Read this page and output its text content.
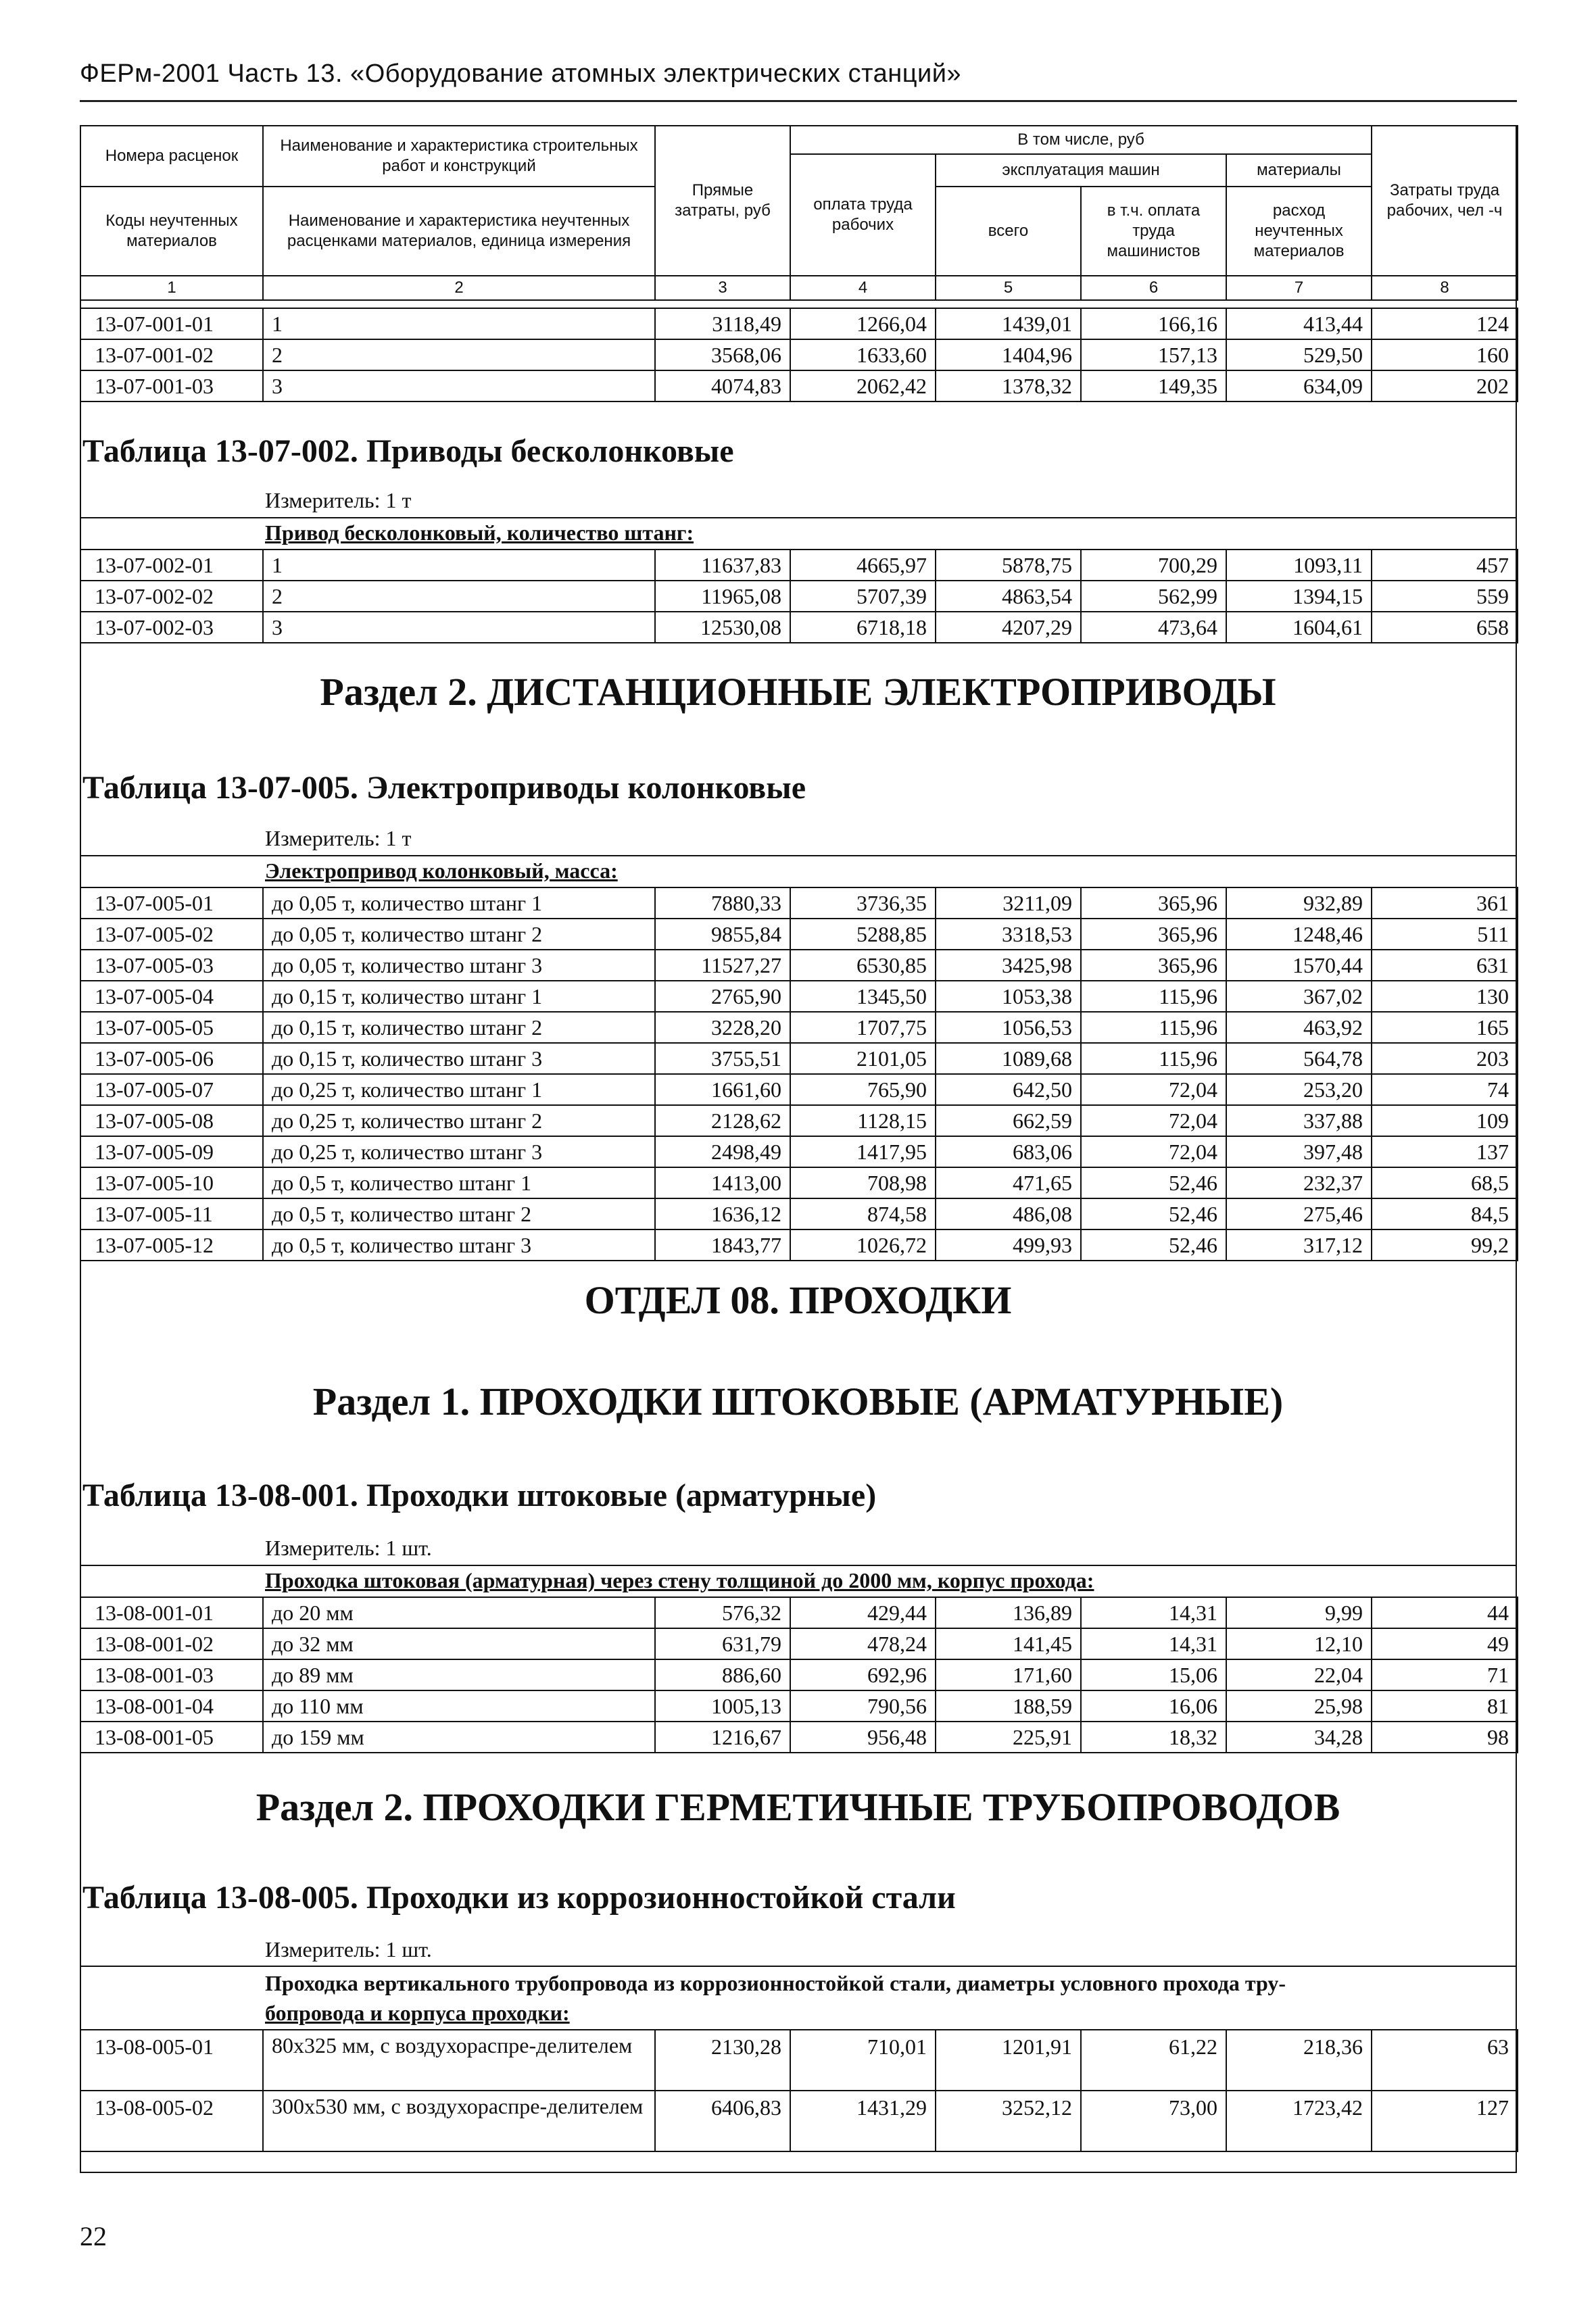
ФЕРм-2001 Часть 13. «Оборудование атомных электрических станций»
Номера расценок	Наименование и характеристика строительных работ и конструкций	Прямые затраты, руб	В том числе, руб				Затраты труда рабочих, чел -ч
			оплата труда рабочих	эксплуатация машин		материалы	
Коды неучтенных материалов	Наименование и характеристика неучтенных расценками материалов, единица измерения			всего	в т.ч. оплата труда машинистов	расход неучтенных материалов	

1	2	3	4	5	6	7	8
13-07-001-01	1	3118,49	1266,04	1439,01	166,16	413,44	124
13-07-001-02	2	3568,06	1633,60	1404,96	157,13	529,50	160
13-07-001-03	3	4074,83	2062,42	1378,32	149,35	634,09	202
Таблица 13-07-002. Приводы бесколонковые
Измеритель: 1 т
Привод бесколонковый, количество штанг:
13-07-002-01	1	11637,83	4665,97	5878,75	700,29	1093,11	457
13-07-002-02	2	11965,08	5707,39	4863,54	562,99	1394,15	559
13-07-002-03	3	12530,08	6718,18	4207,29	473,64	1604,61	658
Раздел 2. ДИСТАНЦИОННЫЕ ЭЛЕКТРОПРИВОДЫ
Таблица 13-07-005. Электроприводы колонковые
Измеритель: 1 т
Электропривод колонковый, масса:
13-07-005-01	до 0,05 т, количество штанг 1	7880,33	3736,35	3211,09	365,96	932,89	361
13-07-005-02	до 0,05 т, количество штанг 2	9855,84	5288,85	3318,53	365,96	1248,46	511
13-07-005-03	до 0,05 т, количество штанг 3	11527,27	6530,85	3425,98	365,96	1570,44	631
13-07-005-04	до 0,15 т, количество штанг 1	2765,90	1345,50	1053,38	115,96	367,02	130
13-07-005-05	до 0,15 т, количество штанг 2	3228,20	1707,75	1056,53	115,96	463,92	165
13-07-005-06	до 0,15 т, количество штанг 3	3755,51	2101,05	1089,68	115,96	564,78	203
13-07-005-07	до 0,25 т, количество штанг 1	1661,60	765,90	642,50	72,04	253,20	74
13-07-005-08	до 0,25 т, количество штанг 2	2128,62	1128,15	662,59	72,04	337,88	109
13-07-005-09	до 0,25 т, количество штанг 3	2498,49	1417,95	683,06	72,04	397,48	137
13-07-005-10	до 0,5 т, количество штанг 1	1413,00	708,98	471,65	52,46	232,37	68,5
13-07-005-11	до 0,5 т, количество штанг 2	1636,12	874,58	486,08	52,46	275,46	84,5
13-07-005-12	до 0,5 т, количество штанг 3	1843,77	1026,72	499,93	52,46	317,12	99,2
ОТДЕЛ 08. ПРОХОДКИ
Раздел 1. ПРОХОДКИ ШТОКОВЫЕ (АРМАТУРНЫЕ)
Таблица 13-08-001. Проходки штоковые (арматурные)
Измеритель: 1 шт.
Проходка штоковая (арматурная) через стену толщиной до 2000 мм, корпус прохода:
13-08-001-01	до 20 мм	576,32	429,44	136,89	14,31	9,99	44
13-08-001-02	до 32 мм	631,79	478,24	141,45	14,31	12,10	49
13-08-001-03	до 89 мм	886,60	692,96	171,60	15,06	22,04	71
13-08-001-04	до 110 мм	1005,13	790,56	188,59	16,06	25,98	81
13-08-001-05	до 159 мм	1216,67	956,48	225,91	18,32	34,28	98
Раздел 2. ПРОХОДКИ ГЕРМЕТИЧНЫЕ ТРУБОПРОВОДОВ
Таблица 13-08-005. Проходки из коррозионностойкой стали
Измеритель: 1 шт.
Проходка вертикального трубопровода из коррозионностойкой стали, диаметры условного прохода тру-
бопровода и корпуса проходки:
13-08-005-01	80x325 мм, с воздухораспре-делителем	2130,28	710,01	1201,91	61,22	218,36	63
13-08-005-02	300x530 мм, с воздухораспре-делителем	6406,83	1431,29	3252,12	73,00	1723,42	127
22
